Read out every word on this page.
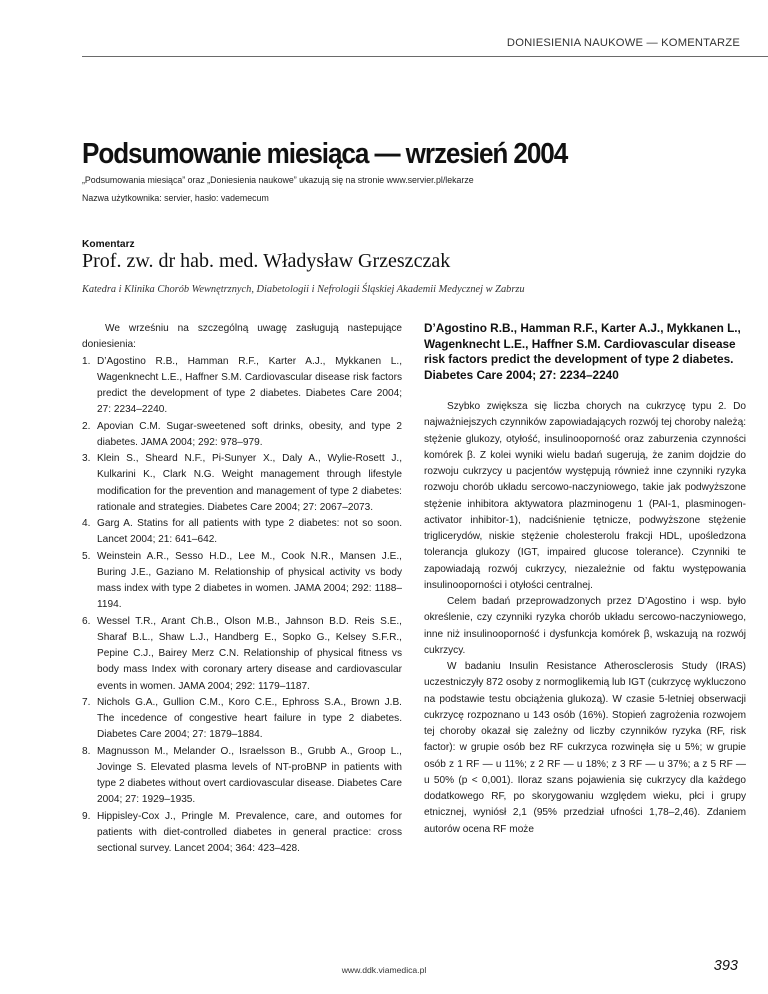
DONIESIENIA NAUKOWE — KOMENTARZE
Podsumowanie miesiąca — wrzesień 2004
„Podsumowania miesiąca” oraz „Doniesienia naukowe” ukazują się na stronie www.servier.pl/lekarze
Nazwa użytkownika: servier, hasło: vademecum
Komentarz
Prof. zw. dr hab. med. Władysław Grzeszczak
Katedra i Klinika Chorób Wewnętrznych, Diabetologii i Nefrologii Śląskiej Akademii Medycznej w Zabrzu

We wrześniu na szczególną uwagę zasługują nastepujące doniesienia:

1. D’Agostino R.B., Hamman R.F., Karter A.J., Mykkanen L., Wagenknecht L.E., Haffner S.M. Cardiovascular disease risk factors predict the development of type 2 diabetes. Diabetes Care 2004; 27: 2234–2240.
2. Apovian C.M. Sugar-sweetened soft drinks, obesity, and type 2 diabetes. JAMA 2004; 292: 978–979.
3. Klein S., Sheard N.F., Pi-Sunyer X., Daly A., Wylie-Rosett J., Kulkarini K., Clark N.G. Weight management through lifestyle modification for the prevention and management of type 2 diabetes: rationale and strategies. Diabetes Care 2004; 27: 2067–2073.
4. Garg A. Statins for all patients with type 2 diabetes: not so soon. Lancet 2004; 21: 641–642.
5. Weinstein A.R., Sesso H.D., Lee M., Cook N.R., Mansen J.E., Buring J.E., Gaziano M. Relationship of physical activity vs body mass index with type 2 diabetes in women. JAMA 2004; 292: 1188–1194.
6. Wessel T.R., Arant Ch.B., Olson M.B., Jahnson B.D. Reis S.E., Sharaf B.L., Shaw L.J., Handberg E., Sopko G., Kelsey S.F.R., Pepine C.J., Bairey Merz C.N. Relationship of physical fitness vs body mass Index with coronary artery disease and cardiovascular events in women. JAMA 2004; 292: 1179–1187.
7. Nichols G.A., Gullion C.M., Koro C.E., Ephross S.A., Brown J.B. The incedence of congestive heart failure in type 2 diabetes. Diabetes Care 2004; 27: 1879–1884.
8. Magnusson M., Melander O., Israelsson B., Grubb A., Groop L., Jovinge S. Elevated plasma levels of NT-proBNP in patients with type 2 diabetes without overt cardiovascular disease. Diabetes Care 2004; 27: 1929–1935.
9. Hippisley-Cox J., Pringle M. Prevalence, care, and outomes for patients with diet-controlled diabetes in general practice: cross sectional survey. Lancet 2004; 364: 423–428.
D’Agostino R.B., Hamman R.F., Karter A.J., Mykkanen L., Wagenknecht L.E., Haffner S.M. Cardiovascular disease risk factors predict the development of type 2 diabetes. Diabetes Care 2004; 27: 2234–2240

Szybko zwiększa się liczba chorych na cukrzycę typu 2. Do najważniejszych czynników zapowiadających rozwój tej choroby należą: stężenie glukozy, otyłość, insulinooporność oraz zaburzenia czynności komórek β. Z kolei wyniki wielu badań sugerują, że zanim dojdzie do rozwoju cukrzycy u pacjentów występują również inne czynniki ryzyka rozwoju chorób układu sercowo-naczyniowego, takie jak podwyższone stężenie inhibitora aktywatora plazminogenu 1 (PAI-1, plasminogen-activator inhibitor-1), nadciśnienie tętnicze, podwyższone stężenie triglicerydów, niskie stężenie cholesterolu frakcji HDL, upośledzona tolerancja glukozy (IGT, impaired glucose tolerance). Czynniki te zapowiadają rozwój cukrzycy, niezależnie od faktu występowania insulinooporności i otyłości centralnej.

Celem badań przeprowadzonych przez D’Agostino i wsp. było określenie, czy czynniki ryzyka chorób układu sercowo-naczyniowego, inne niż insulinooporność i dysfunkcja komórek β, wskazują na rozwój cukrzycy.

W badaniu Insulin Resistance Atherosclerosis Study (IRAS) uczestniczyły 872 osoby z normoglikemią lub IGT (cukrzycę wykluczono na podstawie testu obciążenia glukozą). W czasie 5-letniej obserwacji cukrzycę rozpoznano u 143 osób (16%). Stopień zagrożenia rozwojem tej choroby okazał się zależny od liczby czynników ryzyka (RF, risk factor): w grupie osób bez RF cukrzyca rozwinęła się u 5%; w grupie osób z 1 RF — u 11%; z 2 RF — u 18%; z 3 RF — u 37%; a z 5 RF — u 50% (p < 0,001). Iloraz szans pojawienia się cukrzycy dla każdego dodatkowego RF, po skorygowaniu względem wieku, płci i grupy etnicznej, wyniósł 2,1 (95% przedział ufności 1,78–2,46). Zdaniem autorów ocena RF może

www.ddk.viamedica.pl	393
